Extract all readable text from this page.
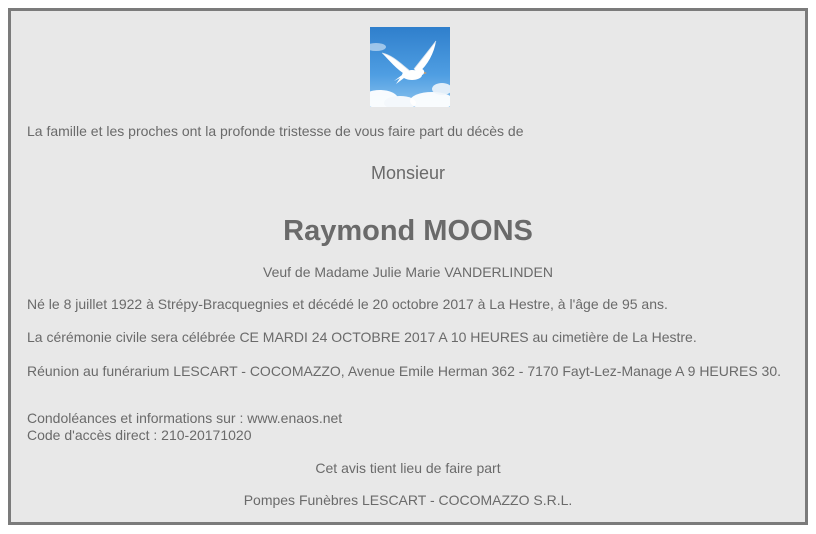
La famille et les proches ont la profonde tristesse de vous faire part du décès de

Monsieur

Raymond MOONS

Veuf de Madame Julie Marie VANDERLINDEN

Né le 8 juillet 1922 à Strépy-Bracquegnies et décédé le 20 octobre 2017 à La Hestre, à l'âge de 95 ans.

La cérémonie civile sera célébrée CE MARDI 24 OCTOBRE 2017 A 10 HEURES au cimetière de La Hestre.

Réunion au funérarium LESCART - COCOMAZZO, Avenue Emile Herman 362 - 7170 Fayt-Lez-Manage A 9 HEURES 30.

Condoléances et informations sur : www.enaos.net
Code d'accès direct : 210-20171020

Cet avis tient lieu de faire part

Pompes Funèbres LESCART - COCOMAZZO S.R.L.
